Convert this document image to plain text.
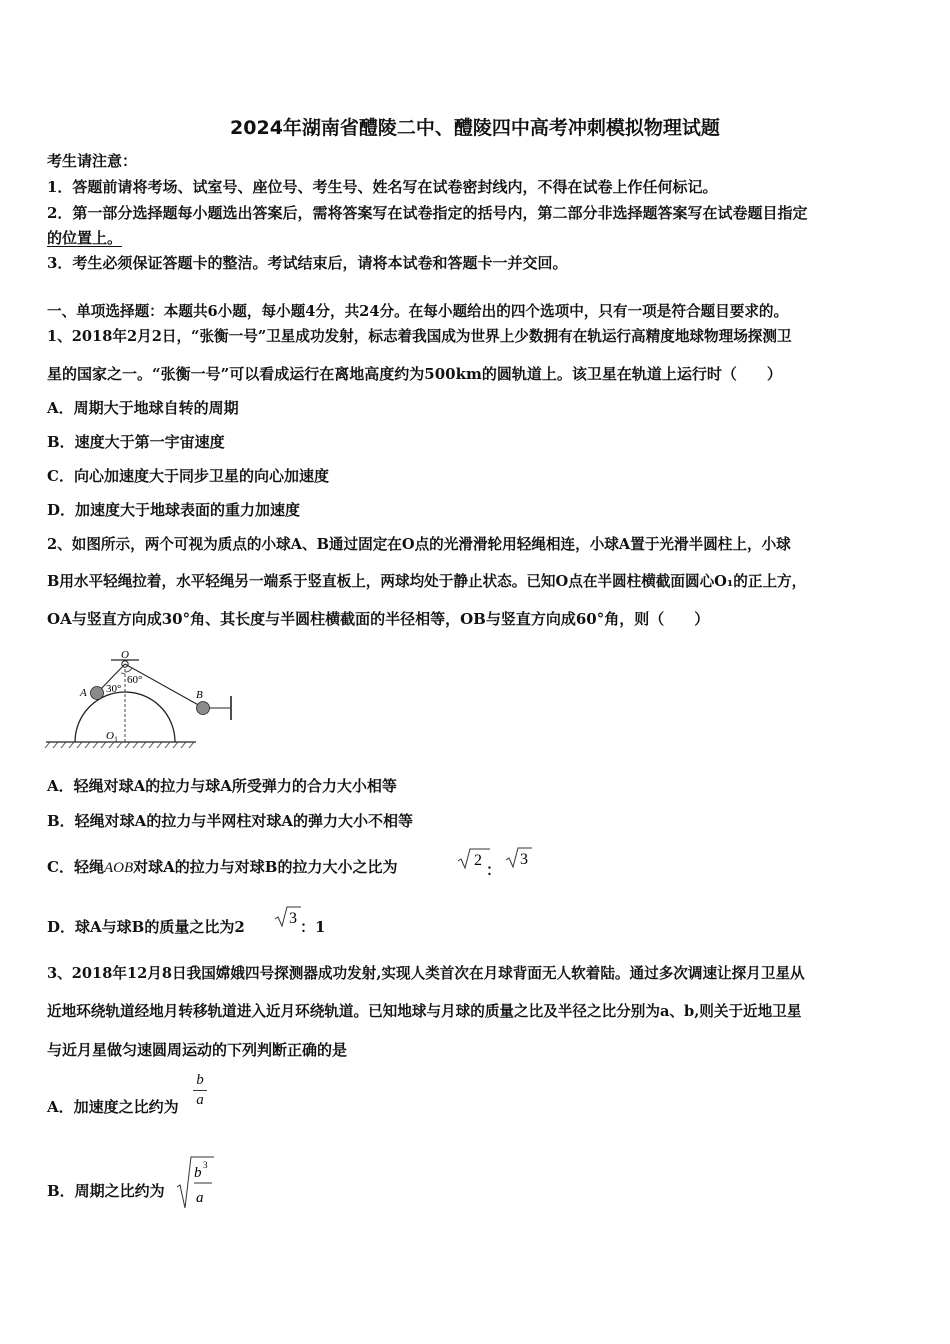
2024年湖南省醴陵二中、醴陵四中高考冲刺模拟物理试题
考生请注意：
1．答题前请将考场、试室号、座位号、考生号、姓名写在试卷密封线内，不得在试卷上作任何标记。
2．第一部分选择题每小题选出答案后，需将答案写在试卷指定的括号内，第二部分非选择题答案写在试卷题目指定
的位置上。
3．考生必须保证答题卡的整洁。考试结束后，请将本试卷和答题卡一并交回。
一、单项选择题：本题共6小题，每小题4分，共24分。在每小题给出的四个选项中，只有一项是符合题目要求的。
1、2018年2月2日，“张衡一号”卫星成功发射，标志着我国成为世界上少数拥有在轨运行高精度地球物理场探测卫
星的国家之一。“张衡一号”可以看成运行在离地高度约为500km的圆轨道上。该卫星在轨道上运行时（　　）
A．周期大于地球自转的周期
B．速度大于第一宇宙速度
C．向心加速度大于同步卫星的向心加速度
D．加速度大于地球表面的重力加速度
2、如图所示，两个可视为质点的小球A、B通过固定在O点的光滑滑轮用轻绳相连，小球A置于光滑半圆柱上，小球
B用水平轻绳拉着，水平轻绳另一端系于竖直板上，两球均处于静止状态。已知O点在半圆柱横截面圆心O₁的正上方，
OA与竖直方向成30°角、其长度与半圆柱横截面的半径相等，OB与竖直方向成60°角，则（　　）
O
A	B
O 1
30°
60°
A．轻绳对球A的拉力与球A所受弹力的合力大小相等
B．轻绳对球A的拉力与半网柱对球A的弹力大小不相等
C．轻绳AOB对球A的拉力与对球B的拉力大小之比为	2
：
3
D．球A与球B的质量之比为2	3 ：1
3、2018年12月8日我国嫦娥四号探测器成功发射,实现人类首次在月球背面无人软着陆。通过多次调速让探月卫星从
近地环绕轨道经地月转移轨道进入近月环绕轨道。已知地球与月球的质量之比及半径之比分别为a、b,则关于近地卫星
与近月星做匀速圆周运动的下列判断正确的是
A．加速度之比约为
b
a
B．周期之比约为
b 3
a
